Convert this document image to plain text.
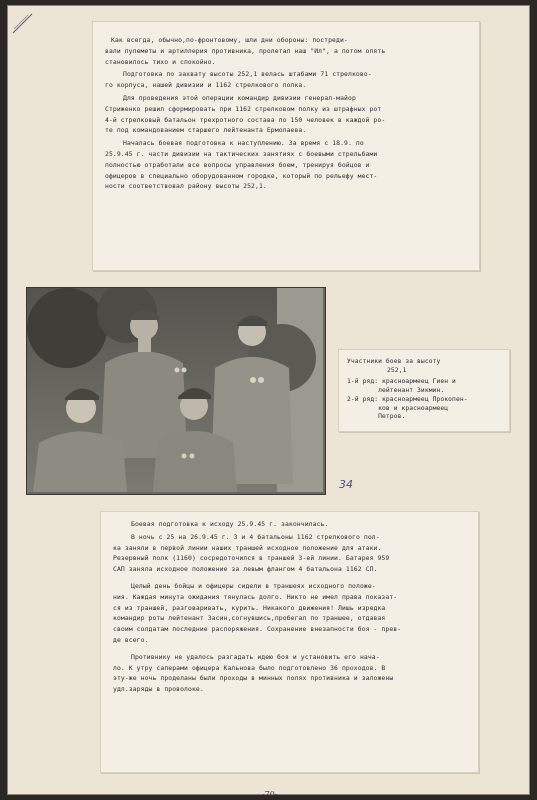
Как всегда, обычно,по-фронтовому, шли дни обороны: постреди-

вали пулеметы и артиллерия противника, пролетал наш "Ил", а потом опять

становилось тихо и спокойно.

Подготовка по захвату высоты 252,1 велась штабами 71 стрелково-

го корпуса, нашей дивизии и 1162 стрелкового полка.

Для проведения этой операции командир дивизии генерал-майор

Стриженко решил сформировать при 1162 стрелковом полку из штрафных рот

4-й стрелковый батальон трехротного состава по 150 человек в каждой ро-

те под командованием старшего лейтенанта Ермолаева.

Началась боевая подготовка к наступлению. За время с 18.9. по

25.9.45 г. части дивизии на тактических занятиях с боевыми стрельбами

полностью отработали все вопросы управления боем, тренируя бойцов и

офицеров в специально оборудованном городке, который по рельефу мест-

ности соответствовал району высоты 252,1.

Участники боев за высоту

252,1

1-й ряд: красноармеец Гиен и

лейтенант Зикмин.

2-й ряд: красноармеец Прокопен-

ков и красноармеец

Петров.

34

Боевая подготовка к исходу 25.9.45 г. закончилась.

В ночь с 25 на 26.9.45 г. 3 и 4 батальоны 1162 стрелкового пол-

ка заняли в первой линии наших траншей исходное положение для атаки.

Резервный полк (1160) сосредоточился в траншей 3-ей линии. Батарея 959

САП заняла исходное положение за левым флангом 4 батальона 1162 СП.

Целый день бойцы и офицеры сидели в траншеях исходного положе-

ния. Каждая минута ожидания тянулась долго. Никто не имел права показат-

ся из траншей, разговаривать, курить. Никакого движения! Лишь изредка

командир роты лейтенант Засин,согнувшись,пробегал по траншее, отдавая

своим солдатам последние распоряжения. Сохранение внезапности боя - прев-

де всего.

Противнику не удалось разгадать идею боя и установить его нача-

ло. К утру саперами офицера Кальнова было подготовлено 36 проходов. В

эту-же ночь проделаны были проходы в минных полях противника и заложены

удл.заряды в проволоке.

-70-
